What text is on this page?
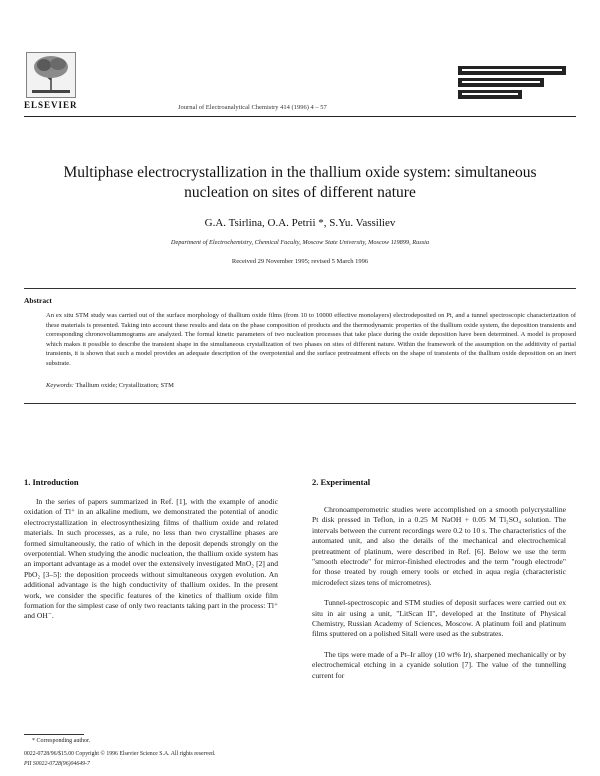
ELSEVIER	Journal of Electroanalytical Chemistry 414 (1996) 4 – 57
Multiphase electrocrystallization in the thallium oxide system: simultaneous nucleation on sites of different nature
G.A. Tsirlina, O.A. Petrii *, S.Yu. Vassiliev
Department of Electrochemistry, Chemical Faculty, Moscow State University, Moscow 119899, Russia
Received 29 November 1995; revised 5 March 1996
Abstract

An ex situ STM study was carried out of the surface morphology of thallium oxide films (from 10 to 10000 effective monolayers) electrodeposited on Pt, and a tunnel spectroscopic characterization of these materials is presented. Taking into account these results and data on the phase composition of products and the thermodynamic properties of the thallium oxide system, the deposition transients and corresponding chronovoltammograms are analyzed. The formal kinetic parameters of two nucleation processes that take place during the oxide deposition have been determined. A model is proposed which makes it possible to describe the transient shape in the simultaneous crystallization of two phases on sites of different nature. Within the framework of the assumption on the additivity of partial transients, it is shown that such a model provides an adequate description of the overpotential and the surface pretreatment effects on the shape of transients of the thallium oxide deposition on an inert substrate.

Keywords: Thallium oxide; Crystallization; STM
1. Introduction

In the series of papers summarized in Ref. [1], with the example of anodic oxidation of Tl⁺ in an alkaline medium, we demonstrated the potential of anodic electrocrystallization in electrosynthesizing films of thallium oxide and related materials. In such processes, as a rule, no less than two crystalline phases are formed simultaneously, the ratio of which in the deposit depends strongly on the overpotential. When studying the anodic nucleation, the thallium oxide system has an important advantage as a model over the extensively investigated MnO₂ [2] and PbO₂ [3–5]: the deposition proceeds without simultaneous oxygen evolution. An additional advantage is the high conductivity of thallium oxides. In the present work, we consider the specific features of the kinetics of thallium oxide film formation for the simplest case of only two reactants taking part in the process: Tl⁺ and OH⁻.

2. Experimental

Chronoamperometric studies were accomplished on a smooth polycrystalline Pt disk pressed in Teflon, in a 0.25 M NaOH + 0.05 M Tl₂SO₄ solution. The intervals between the current recordings were 0.2 to 10 s. The characteristics of the automated unit, and also the details of the mechanical and electrochemical pretreatment of platinum, were described in Ref. [6]. Below we use the term "smooth electrode" for mirror-finished electrodes and the term "rough electrode" for those treated by rough emery tools or etched in aqua regia (characteristic microdefect sizes tens of micrometres).

Tunnel-spectroscopic and STM studies of deposit surfaces were carried out ex situ in air using a unit, "LitScan II", developed at the Institute of Physical Chemistry, Russian Academy of Sciences, Moscow. A platinum foil and platinum films sputtered on a polished Sitall were used as the substrates.

The tips were made of a Pt–Ir alloy (10 wt% Ir), sharpened mechanically or by electrochemical etching in a cyanide solution [7]. The value of the tunnelling current for

* Corresponding author.
0022-0728/96/$15.00 Copyright © 1996 Elsevier Science S.A. All rights reserved.
PII S0022-0728(96)04649-7
